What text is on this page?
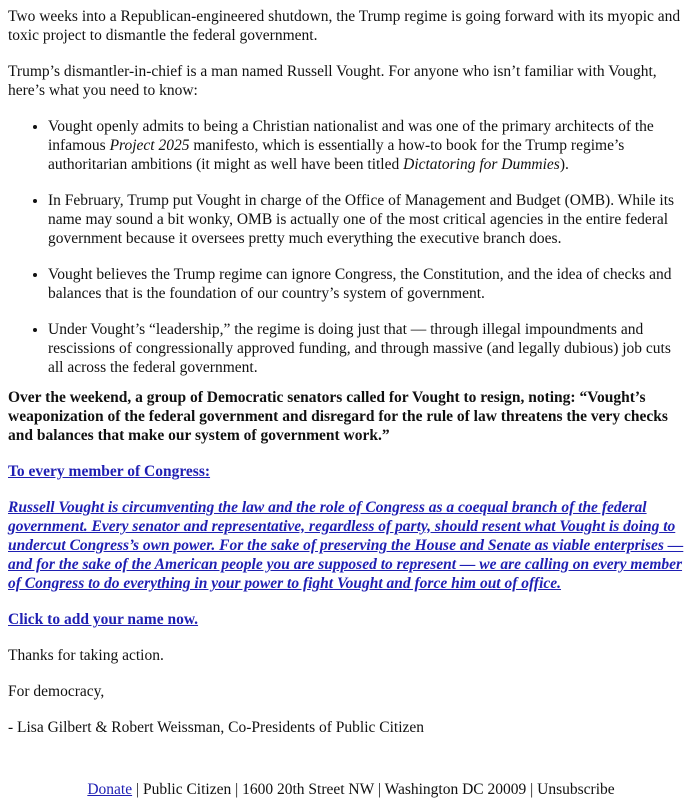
Two weeks into a Republican-engineered shutdown, the Trump regime is going forward with its myopic and toxic project to dismantle the federal government.

Trump’s dismantler-in-chief is a man named Russell Vought. For anyone who isn’t familiar with Vought, here’s what you need to know:

• Vought openly admits to being a Christian nationalist and was one of the primary architects of the infamous Project 2025 manifesto, which is essentially a how-to book for the Trump regime’s authoritarian ambitions (it might as well have been titled Dictatoring for Dummies).
• In February, Trump put Vought in charge of the Office of Management and Budget (OMB). While its name may sound a bit wonky, OMB is actually one of the most critical agencies in the entire federal government because it oversees pretty much everything the executive branch does.
• Vought believes the Trump regime can ignore Congress, the Constitution, and the idea of checks and balances that is the foundation of our country’s system of government.
• Under Vought’s “leadership,” the regime is doing just that — through illegal impoundments and rescissions of congressionally approved funding, and through massive (and legally dubious) job cuts all across the federal government.

Over the weekend, a group of Democratic senators called for Vought to resign, noting: “Vought’s weaponization of the federal government and disregard for the rule of law threatens the very checks and balances that make our system of government work.”

To every member of Congress:

Russell Vought is circumventing the law and the role of Congress as a coequal branch of the federal government. Every senator and representative, regardless of party, should resent what Vought is doing to undercut Congress’s own power. For the sake of preserving the House and Senate as viable enterprises — and for the sake of the American people you are supposed to represent — we are calling on every member of Congress to do everything in your power to fight Vought and force him out of office.

Click to add your name now.

Thanks for taking action.

For democracy,

- Lisa Gilbert & Robert Weissman, Co-Presidents of Public Citizen

Donate | Public Citizen | 1600 20th Street NW | Washington DC 20009 | Unsubscribe
